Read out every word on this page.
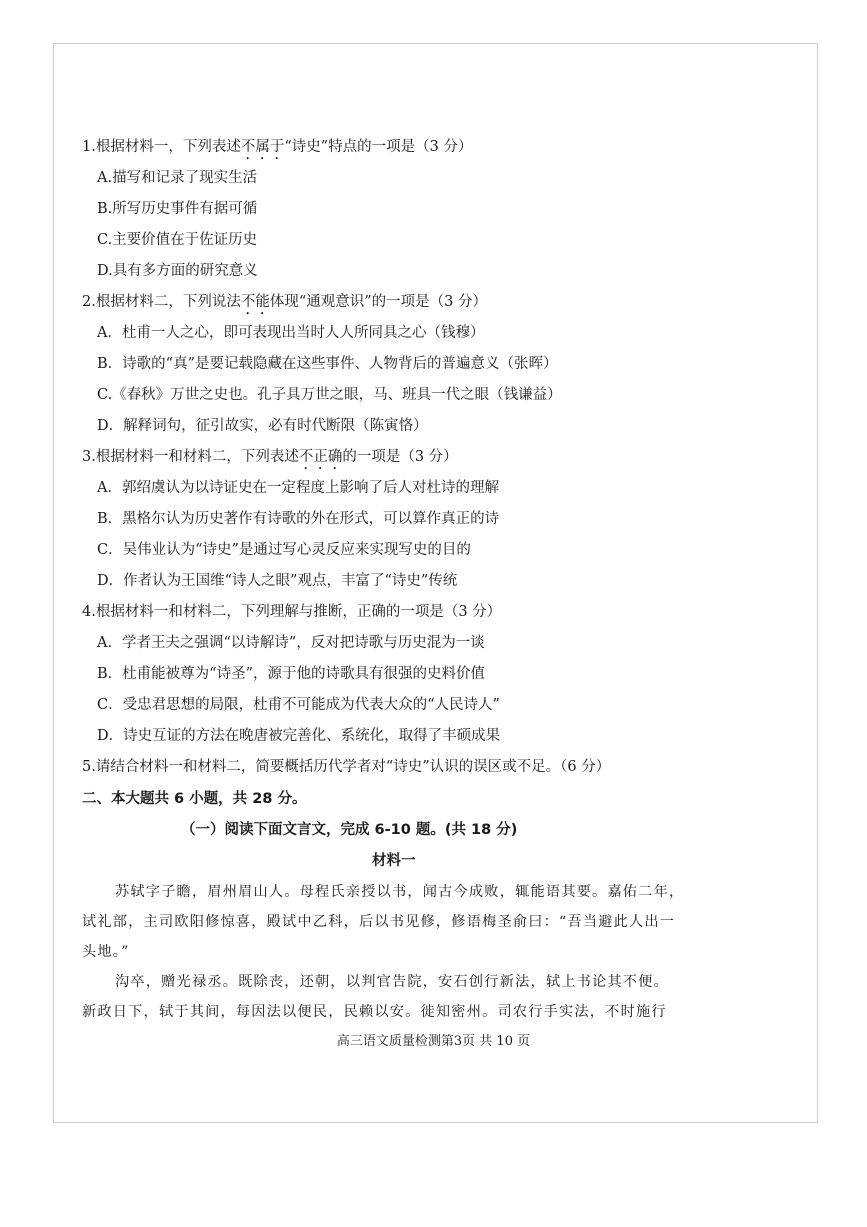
1.根据材料一，下列表述不属于“诗史”特点的一项是（3 分）
A.描写和记录了现实生活
B.所写历史事件有据可循
C.主要价值在于佐证历史
D.具有多方面的研究意义
2.根据材料二，下列说法不能体现“通观意识”的一项是（3 分）
A．杜甫一人之心，即可表现出当时人人所同具之心（钱穆）
B．诗歌的“真”是要记载隐藏在这些事件、人物背后的普遍意义（张晖）
C.《春秋》万世之史也。孔子具万世之眼，马、班具一代之眼（钱谦益）
D．解释词句，征引故实，必有时代断限（陈寅恪）
3.根据材料一和材料二，下列表述不正确的一项是（3 分）
A．郭绍虞认为以诗证史在一定程度上影响了后人对杜诗的理解
B．黑格尔认为历史著作有诗歌的外在形式，可以算作真正的诗
C．吴伟业认为“诗史”是通过写心灵反应来实现写史的目的
D．作者认为王国维“诗人之眼”观点，丰富了“诗史”传统
4.根据材料一和材料二，下列理解与推断，正确的一项是（3 分）
A．学者王夫之强调“以诗解诗”，反对把诗歌与历史混为一谈
B．杜甫能被尊为“诗圣”，源于他的诗歌具有很强的史料价值
C．受忠君思想的局限，杜甫不可能成为代表大众的“人民诗人”
D．诗史互证的方法在晚唐被完善化、系统化，取得了丰硕成果
5.请结合材料一和材料二，简要概括历代学者对“诗史”认识的误区或不足。（6 分）
二、本大题共 6 小题，共 28 分。
（一）阅读下面文言文，完成 6-10 题。(共 18 分)
材料一
苏轼字子瞻，眉州眉山人。母程氏亲授以书，闻古今成败，辄能语其要。嘉佑二年，
试礼部，主司欧阳修惊喜，殿试中乙科，后以书见修，修语梅圣俞曰：“吾当避此人出一
头地。”
沟卒，赠光禄丞。既除丧，还朝，以判官告院，安石创行新法，轼上书论其不便。
新政日下，轼于其间，每因法以便民，民赖以安。徙知密州。司农行手实法，不时施行
高三语文质量检测第3页 共 10 页
